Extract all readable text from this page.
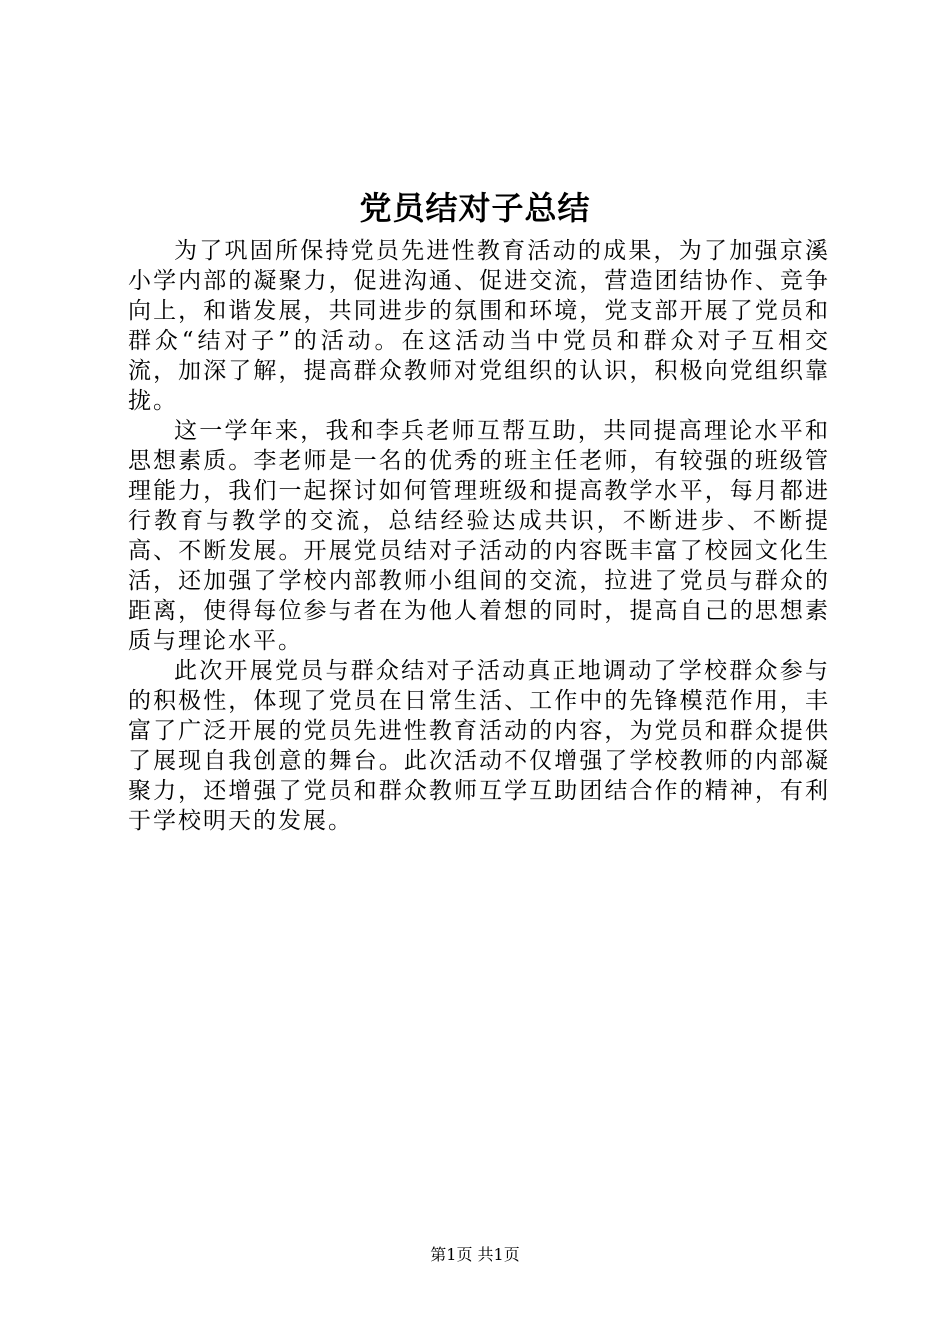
党员结对子总结

为了巩固所保持党员先进性教育活动的成果，为了加强京溪小学内部的凝聚力，促进沟通、促进交流，营造团结协作、竞争向上，和谐发展，共同进步的氛围和环境，党支部开展了党员和群众“结对子”的活动。在这活动当中党员和群众对子互相交流，加深了解，提高群众教师对党组织的认识，积极向党组织靠拢。

这一学年来，我和李兵老师互帮互助，共同提高理论水平和思想素质。李老师是一名的优秀的班主任老师，有较强的班级管理能力，我们一起探讨如何管理班级和提高教学水平，每月都进行教育与教学的交流，总结经验达成共识，不断进步、不断提高、不断发展。开展党员结对子活动的内容既丰富了校园文化生活，还加强了学校内部教师小组间的交流，拉进了党员与群众的距离，使得每位参与者在为他人着想的同时，提高自己的思想素质与理论水平。

此次开展党员与群众结对子活动真正地调动了学校群众参与的积极性，体现了党员在日常生活、工作中的先锋模范作用，丰富了广泛开展的党员先进性教育活动的内容，为党员和群众提供了展现自我创意的舞台。此次活动不仅增强了学校教师的内部凝聚力，还增强了党员和群众教师互学互助团结合作的精神，有利于学校明天的发展。

第1页 共1页
